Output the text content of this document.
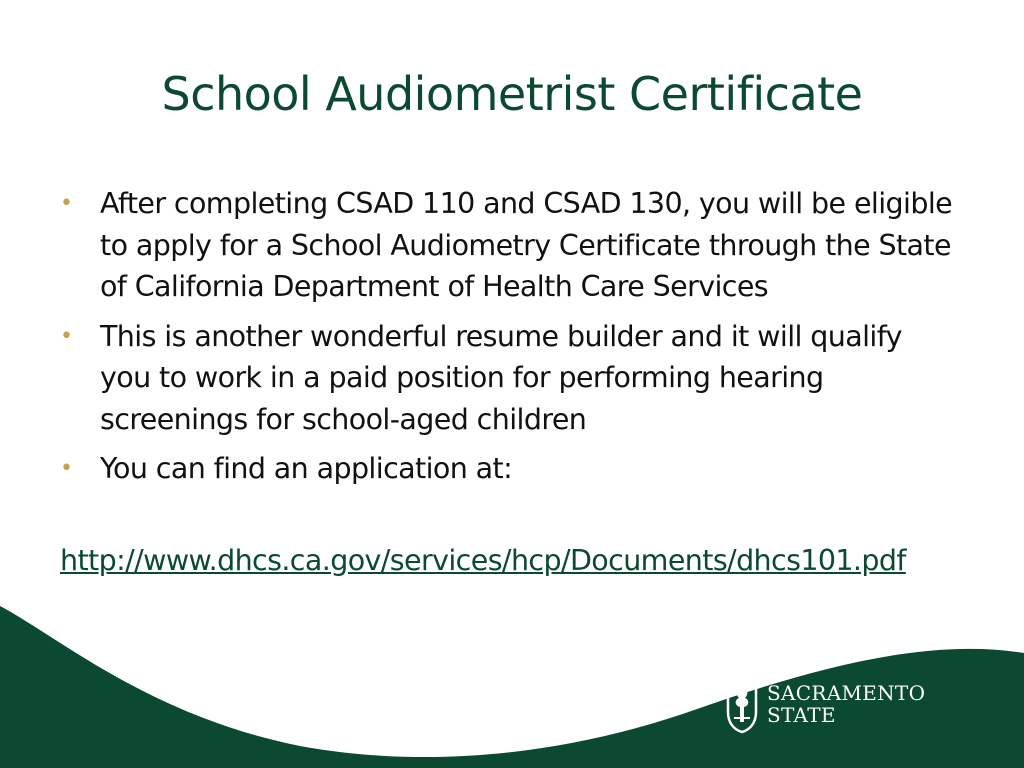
School Audiometrist Certificate
• After completing CSAD 110 and CSAD 130, you will be eligible to apply for a School Audiometry Certificate through the State of California Department of Health Care Services
• This is another wonderful resume builder and it will qualify you to work in a paid position for performing hearing screenings for school-aged children
• You can find an application at:
http://www.dhcs.ca.gov/services/hcp/Documents/dhcs101.pdf
SACRAMENTO
STATE
